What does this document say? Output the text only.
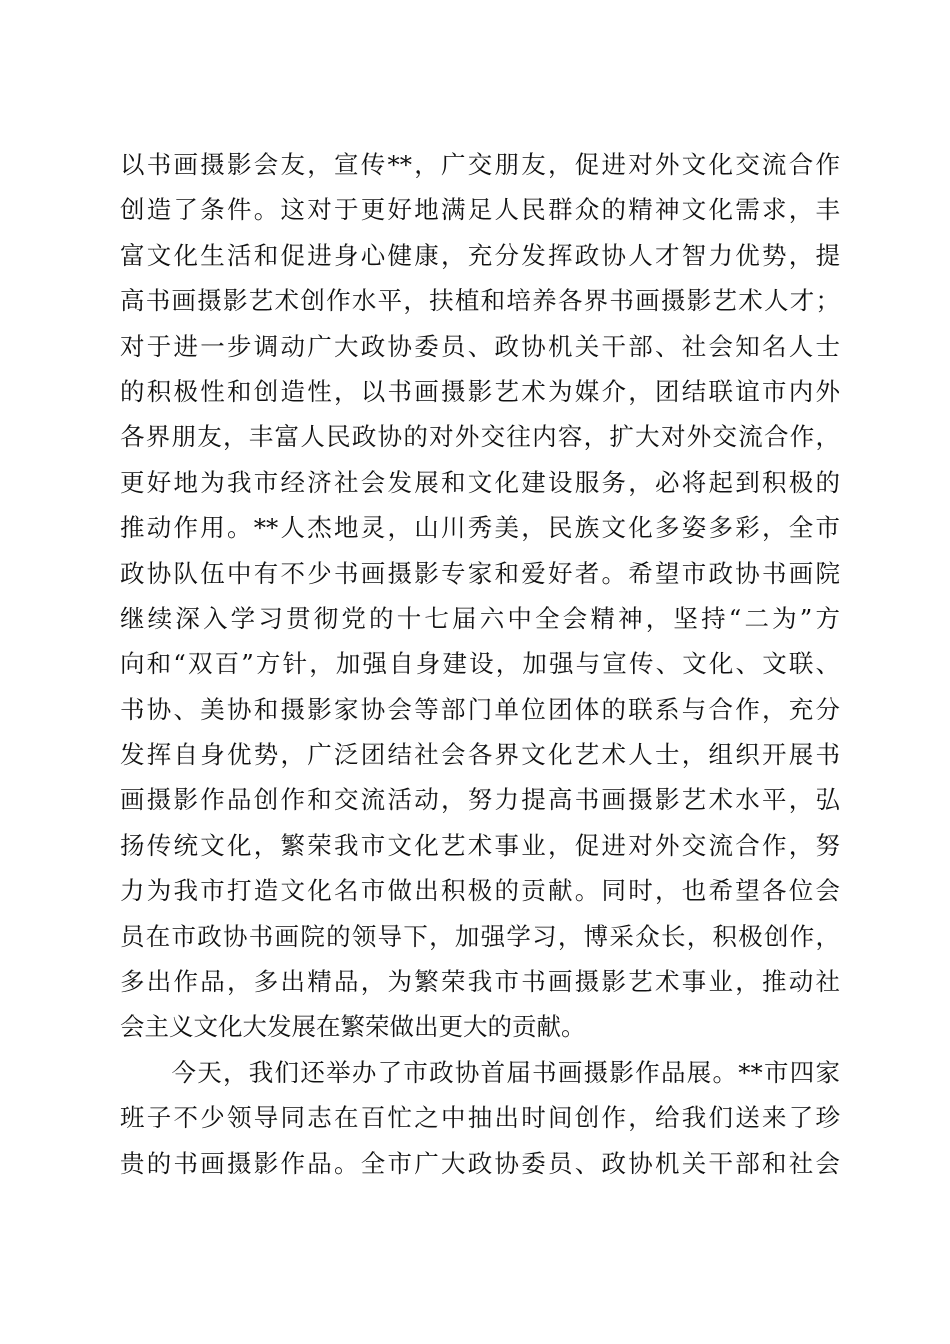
以书画摄影会友，宣传**，广交朋友，促进对外文化交流合作
创造了条件。这对于更好地满足人民群众的精神文化需求，丰
富文化生活和促进身心健康，充分发挥政协人才智力优势，提
高书画摄影艺术创作水平，扶植和培养各界书画摄影艺术人才；
对于进一步调动广大政协委员、政协机关干部、社会知名人士
的积极性和创造性，以书画摄影艺术为媒介，团结联谊市内外
各界朋友，丰富人民政协的对外交往内容，扩大对外交流合作，
更好地为我市经济社会发展和文化建设服务，必将起到积极的
推动作用。**人杰地灵，山川秀美，民族文化多姿多彩，全市
政协队伍中有不少书画摄影专家和爱好者。希望市政协书画院
继续深入学习贯彻党的十七届六中全会精神，坚持“二为”方
向和“双百”方针，加强自身建设，加强与宣传、文化、文联、
书协、美协和摄影家协会等部门单位团体的联系与合作，充分
发挥自身优势，广泛团结社会各界文化艺术人士，组织开展书
画摄影作品创作和交流活动，努力提高书画摄影艺术水平，弘
扬传统文化，繁荣我市文化艺术事业，促进对外交流合作，努
力为我市打造文化名市做出积极的贡献。同时，也希望各位会
员在市政协书画院的领导下，加强学习，博采众长，积极创作，
多出作品，多出精品，为繁荣我市书画摄影艺术事业，推动社
会主义文化大发展在繁荣做出更大的贡献。
　　今天，我们还举办了市政协首届书画摄影作品展。**市四家
班子不少领导同志在百忙之中抽出时间创作，给我们送来了珍
贵的书画摄影作品。全市广大政协委员、政协机关干部和社会
